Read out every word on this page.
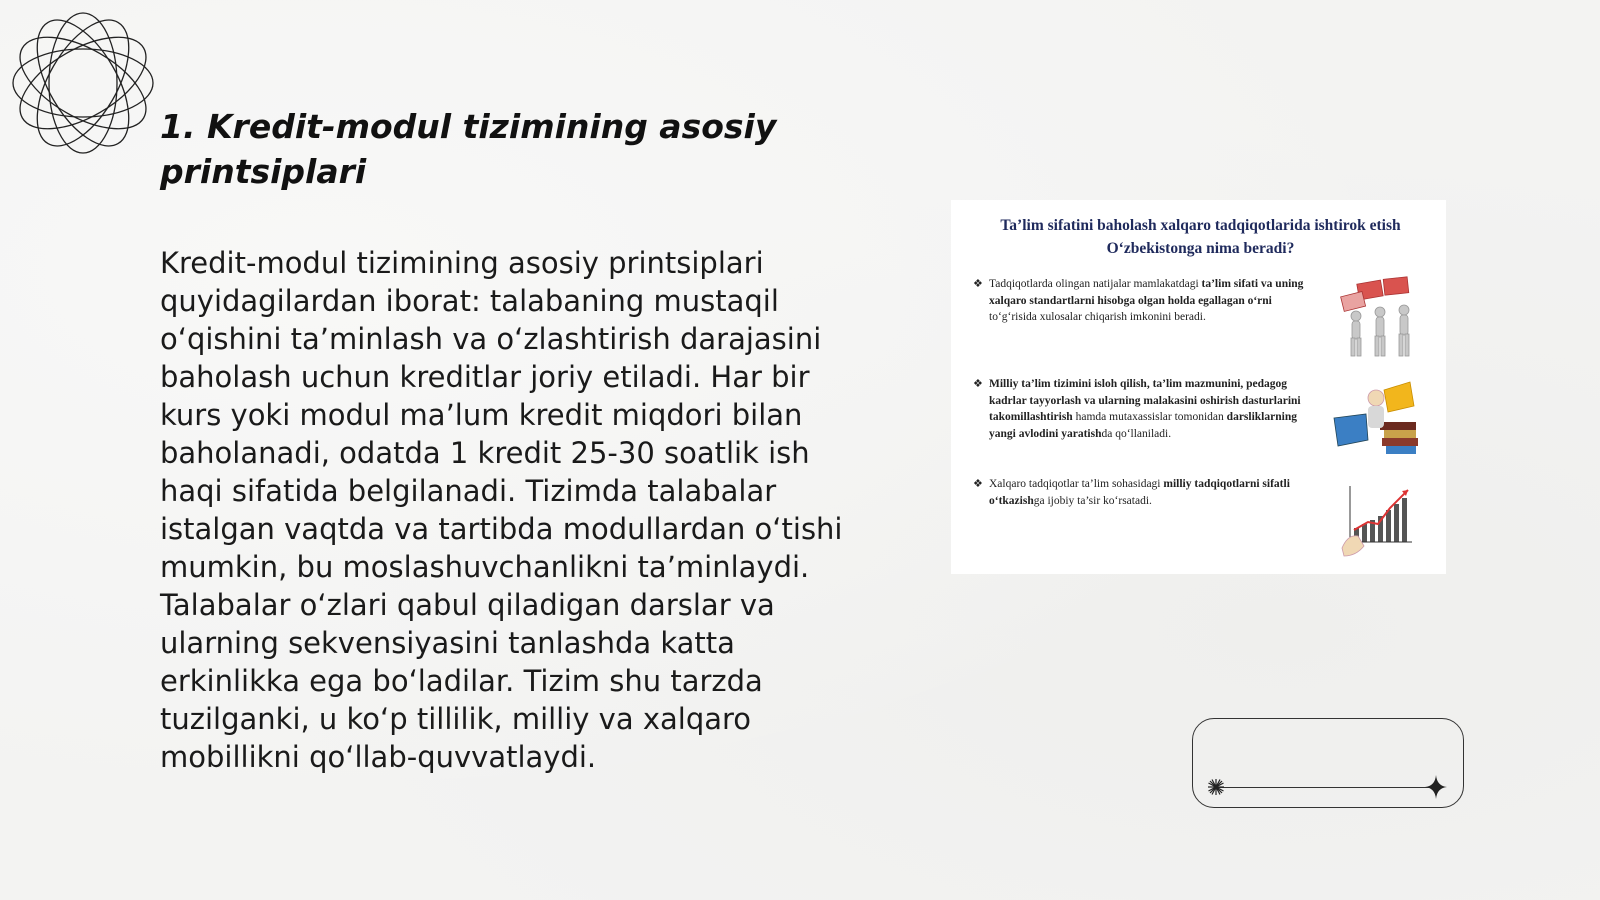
1. Kredit-modul tizimining asosiy printsiplari

Kredit-modul tizimining asosiy printsiplari quyidagilardan iborat: talabaning mustaqil o‘qishini ta’minlash va o‘zlashtirish darajasini baholash uchun kreditlar joriy etiladi. Har bir kurs yoki modul ma’lum kredit miqdori bilan baholanadi, odatda 1 kredit 25-30 soatlik ish haqi sifatida belgilanadi. Tizimda talabalar istalgan vaqtda va tartibda modullardan o‘tishi mumkin, bu moslashuvchanlikni ta’minlaydi. Talabalar o‘zlari qabul qiladigan darslar va ularning sekvensiyasini tanlashda katta erkinlikka ega bo‘ladilar. Tizim shu tarzda tuzilganki, u ko‘p tillilik, milliy va xalqaro mobillikni qo‘llab-quvvatlaydi.

Ta’lim sifatini baholash xalqaro tadqiqotlarida ishtirok etish O‘zbekistonga nima beradi?
❖ Tadqiqotlarda olingan natijalar mamlakatdagi ta’lim sifati va uning xalqaro standartlarni hisobga olgan holda egallagan o‘rni to‘g‘risida xulosalar chiqarish imkonini beradi.
❖ Milliy ta’lim tizimini isloh qilish, ta’lim mazmunini, pedagog kadrlar tayyorlash va ularning malakasini oshirish dasturlarini takomillashtirish hamda mutaxassislar tomonidan darsliklarning yangi avlodini yaratishda qo‘llaniladi.
❖ Xalqaro tadqiqotlar ta’lim sohasidagi milliy tadqiqotlarni sifatli o‘tkazishga ijobiy ta’sir ko‘rsatadi.
